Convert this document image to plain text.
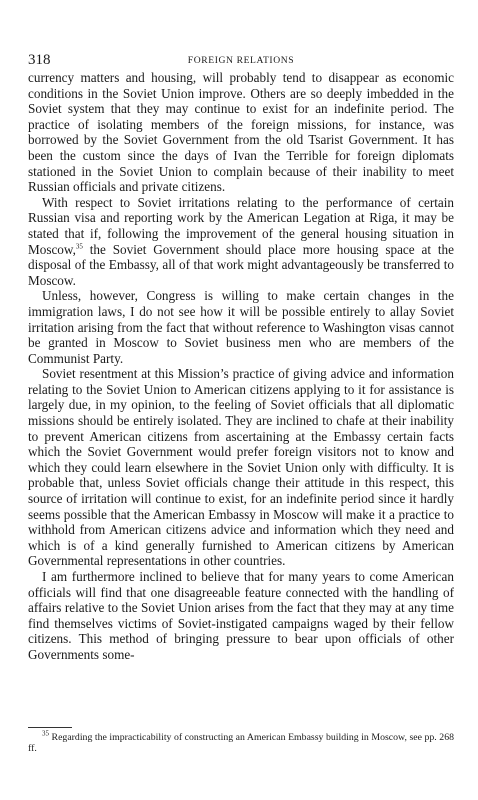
318	FOREIGN RELATIONS

currency matters and housing, will probably tend to disappear as economic conditions in the Soviet Union improve. Others are so deeply imbedded in the Soviet system that they may continue to exist for an indefinite period. The practice of isolating members of the foreign missions, for instance, was borrowed by the Soviet Government from the old Tsarist Government. It has been the custom since the days of Ivan the Terrible for foreign diplomats stationed in the Soviet Union to complain because of their inability to meet Russian officials and private citizens.

With respect to Soviet irritations relating to the performance of certain Russian visa and reporting work by the American Legation at Riga, it may be stated that if, following the improvement of the general housing situation in Moscow,$^{35}$ the Soviet Government should place more housing space at the disposal of the Embassy, all of that work might advantageously be transferred to Moscow.

Unless, however, Congress is willing to make certain changes in the immigration laws, I do not see how it will be possible entirely to allay Soviet irritation arising from the fact that without reference to Washington visas cannot be granted in Moscow to Soviet business men who are members of the Communist Party.

Soviet resentment at this Mission’s practice of giving advice and information relating to the Soviet Union to American citizens applying to it for assistance is largely due, in my opinion, to the feeling of Soviet officials that all diplomatic missions should be entirely isolated. They are inclined to chafe at their inability to prevent American citizens from ascertaining at the Embassy certain facts which the Soviet Government would prefer foreign visitors not to know and which they could learn elsewhere in the Soviet Union only with difficulty. It is probable that, unless Soviet officials change their attitude in this respect, this source of irritation will continue to exist, for an indefinite period since it hardly seems possible that the American Embassy in Moscow will make it a practice to withhold from American citizens advice and information which they need and which is of a kind generally furnished to American citizens by American Governmental representations in other countries.

I am furthermore inclined to believe that for many years to come American officials will find that one disagreeable feature connected with the handling of affairs relative to the Soviet Union arises from the fact that they may at any time find themselves victims of Soviet-instigated campaigns waged by their fellow citizens. This method of bringing pressure to bear upon officials of other Governments some-

$^{35}$ Regarding the impracticability of constructing an American Embassy building in Moscow, see pp. 268 ff.
